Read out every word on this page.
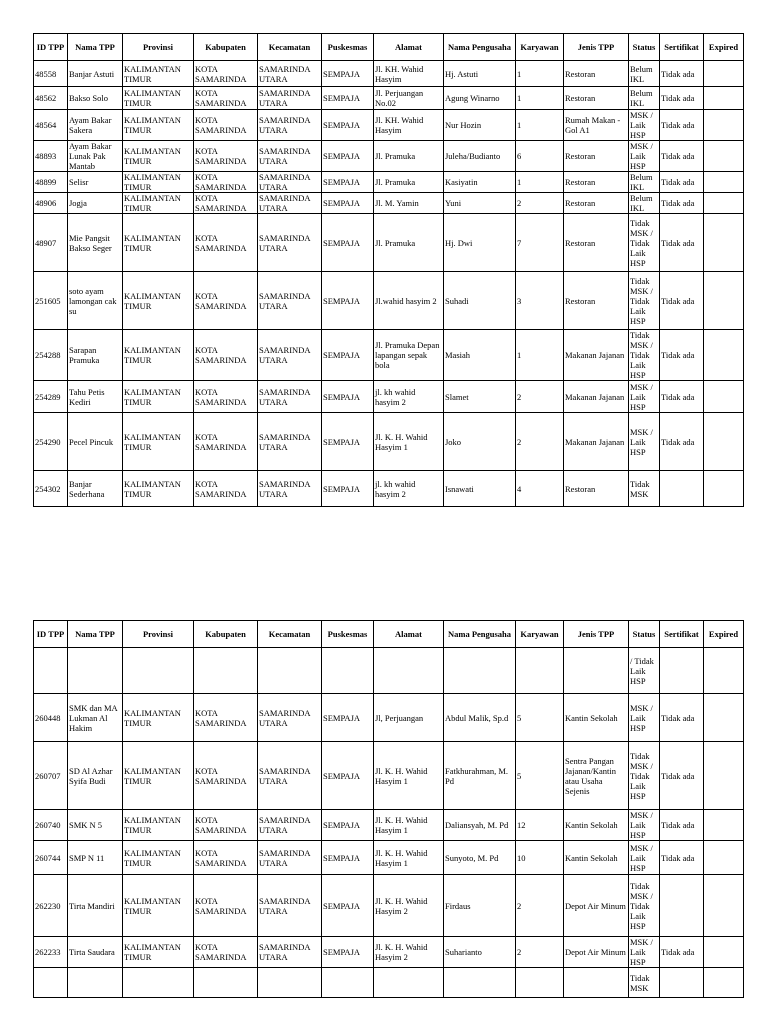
ID TPP	Nama TPP	Provinsi	Kabupaten	Kecamatan	Puskesmas	Alamat	Nama Pengusaha	Karyawan	Jenis TPP	Status	Sertifikat	Expired
48558	Banjar Astuti	KALIMANTAN TIMUR	KOTA SAMARINDA	SAMARINDA UTARA	SEMPAJA	Jl. KH. Wahid Hasyim	Hj. Astuti	1	Restoran	Belum IKL	Tidak ada	
48562	Bakso Solo	KALIMANTAN TIMUR	KOTA SAMARINDA	SAMARINDA UTARA	SEMPAJA	Jl. Perjuangan No.02	Agung Winarno	1	Restoran	Belum IKL	Tidak ada	
48564	Ayam Bakar Sakera	KALIMANTAN TIMUR	KOTA SAMARINDA	SAMARINDA UTARA	SEMPAJA	Jl. KH. Wahid Hasyim	Nur Hozin	1	Rumah Makan - Gol A1	MSK / Laik HSP	Tidak ada	
48893	Ayam Bakar Lunak Pak Mantab	KALIMANTAN TIMUR	KOTA SAMARINDA	SAMARINDA UTARA	SEMPAJA	Jl. Pramuka	Juleha/Budianto	6	Restoran	MSK / Laik HSP	Tidak ada	
48899	Selisr	KALIMANTAN TIMUR	KOTA SAMARINDA	SAMARINDA UTARA	SEMPAJA	Jl. Pramuka	Kasiyatin	1	Restoran	Belum IKL	Tidak ada	
48906	Jogja	KALIMANTAN TIMUR	KOTA SAMARINDA	SAMARINDA UTARA	SEMPAJA	Jl. M. Yamin	Yuni	2	Restoran	Belum IKL	Tidak ada	
48907	Mie Pangsit Bakso Seger	KALIMANTAN TIMUR	KOTA SAMARINDA	SAMARINDA UTARA	SEMPAJA	Jl. Pramuka	Hj. Dwi	7	Restoran	Tidak MSK / Tidak Laik HSP	Tidak ada	
251605	soto ayam lamongan cak su	KALIMANTAN TIMUR	KOTA SAMARINDA	SAMARINDA UTARA	SEMPAJA	Jl.wahid hasyim 2	Suhadi	3	Restoran	Tidak MSK / Tidak Laik HSP	Tidak ada	
254288	Sarapan Pramuka	KALIMANTAN TIMUR	KOTA SAMARINDA	SAMARINDA UTARA	SEMPAJA	Jl. Pramuka Depan lapangan sepak bola	Masiah	1	Makanan Jajanan	Tidak MSK / Tidak Laik HSP	Tidak ada	
254289	Tahu Petis Kediri	KALIMANTAN TIMUR	KOTA SAMARINDA	SAMARINDA UTARA	SEMPAJA	jl. kh wahid hasyim 2	Slamet	2	Makanan Jajanan	MSK / Laik HSP	Tidak ada	
254290	Pecel Pincuk	KALIMANTAN TIMUR	KOTA SAMARINDA	SAMARINDA UTARA	SEMPAJA	Jl. K. H. Wahid Hasyim 1	Joko	2	Makanan Jajanan	MSK / Laik HSP	Tidak ada	
254302	Banjar Sederhana	KALIMANTAN TIMUR	KOTA SAMARINDA	SAMARINDA UTARA	SEMPAJA	jl. kh wahid hasyim 2	Isnawati	4	Restoran	Tidak MSK		
ID TPP	Nama TPP	Provinsi	Kabupaten	Kecamatan	Puskesmas	Alamat	Nama Pengusaha	Karyawan	Jenis TPP	Status	Sertifikat	Expired
										/ Tidak Laik HSP		
260448	SMK dan MA Lukman Al Hakim	KALIMANTAN TIMUR	KOTA SAMARINDA	SAMARINDA UTARA	SEMPAJA	Jl, Perjuangan	Abdul Malik, Sp.d	5	Kantin Sekolah	MSK / Laik HSP	Tidak ada	
260707	SD Al Azhar Syifa Budi	KALIMANTAN TIMUR	KOTA SAMARINDA	SAMARINDA UTARA	SEMPAJA	Jl. K. H. Wahid Hasyim 1	Fatkhurahman, M. Pd	5	Sentra Pangan Jajanan/Kantin atau Usaha Sejenis	Tidak MSK / Tidak Laik HSP	Tidak ada	
260740	SMK N 5	KALIMANTAN TIMUR	KOTA SAMARINDA	SAMARINDA UTARA	SEMPAJA	Jl. K. H. Wahid Hasyim 1	Daliansyah, M. Pd	12	Kantin Sekolah	MSK / Laik HSP	Tidak ada	
260744	SMP N 11	KALIMANTAN TIMUR	KOTA SAMARINDA	SAMARINDA UTARA	SEMPAJA	Jl. K. H. Wahid Hasyim 1	Sunyoto, M. Pd	10	Kantin Sekolah	MSK / Laik HSP	Tidak ada	
262230	Tirta Mandiri	KALIMANTAN TIMUR	KOTA SAMARINDA	SAMARINDA UTARA	SEMPAJA	Jl. K. H. Wahid Hasyim 2	Firdaus	2	Depot Air Minum	Tidak MSK / Tidak Laik HSP		
262233	Tirta Saudara	KALIMANTAN TIMUR	KOTA SAMARINDA	SAMARINDA UTARA	SEMPAJA	Jl. K. H. Wahid Hasyim 2	Suharianto	2	Depot Air Minum	MSK / Laik HSP	Tidak ada	
										Tidak MSK		
